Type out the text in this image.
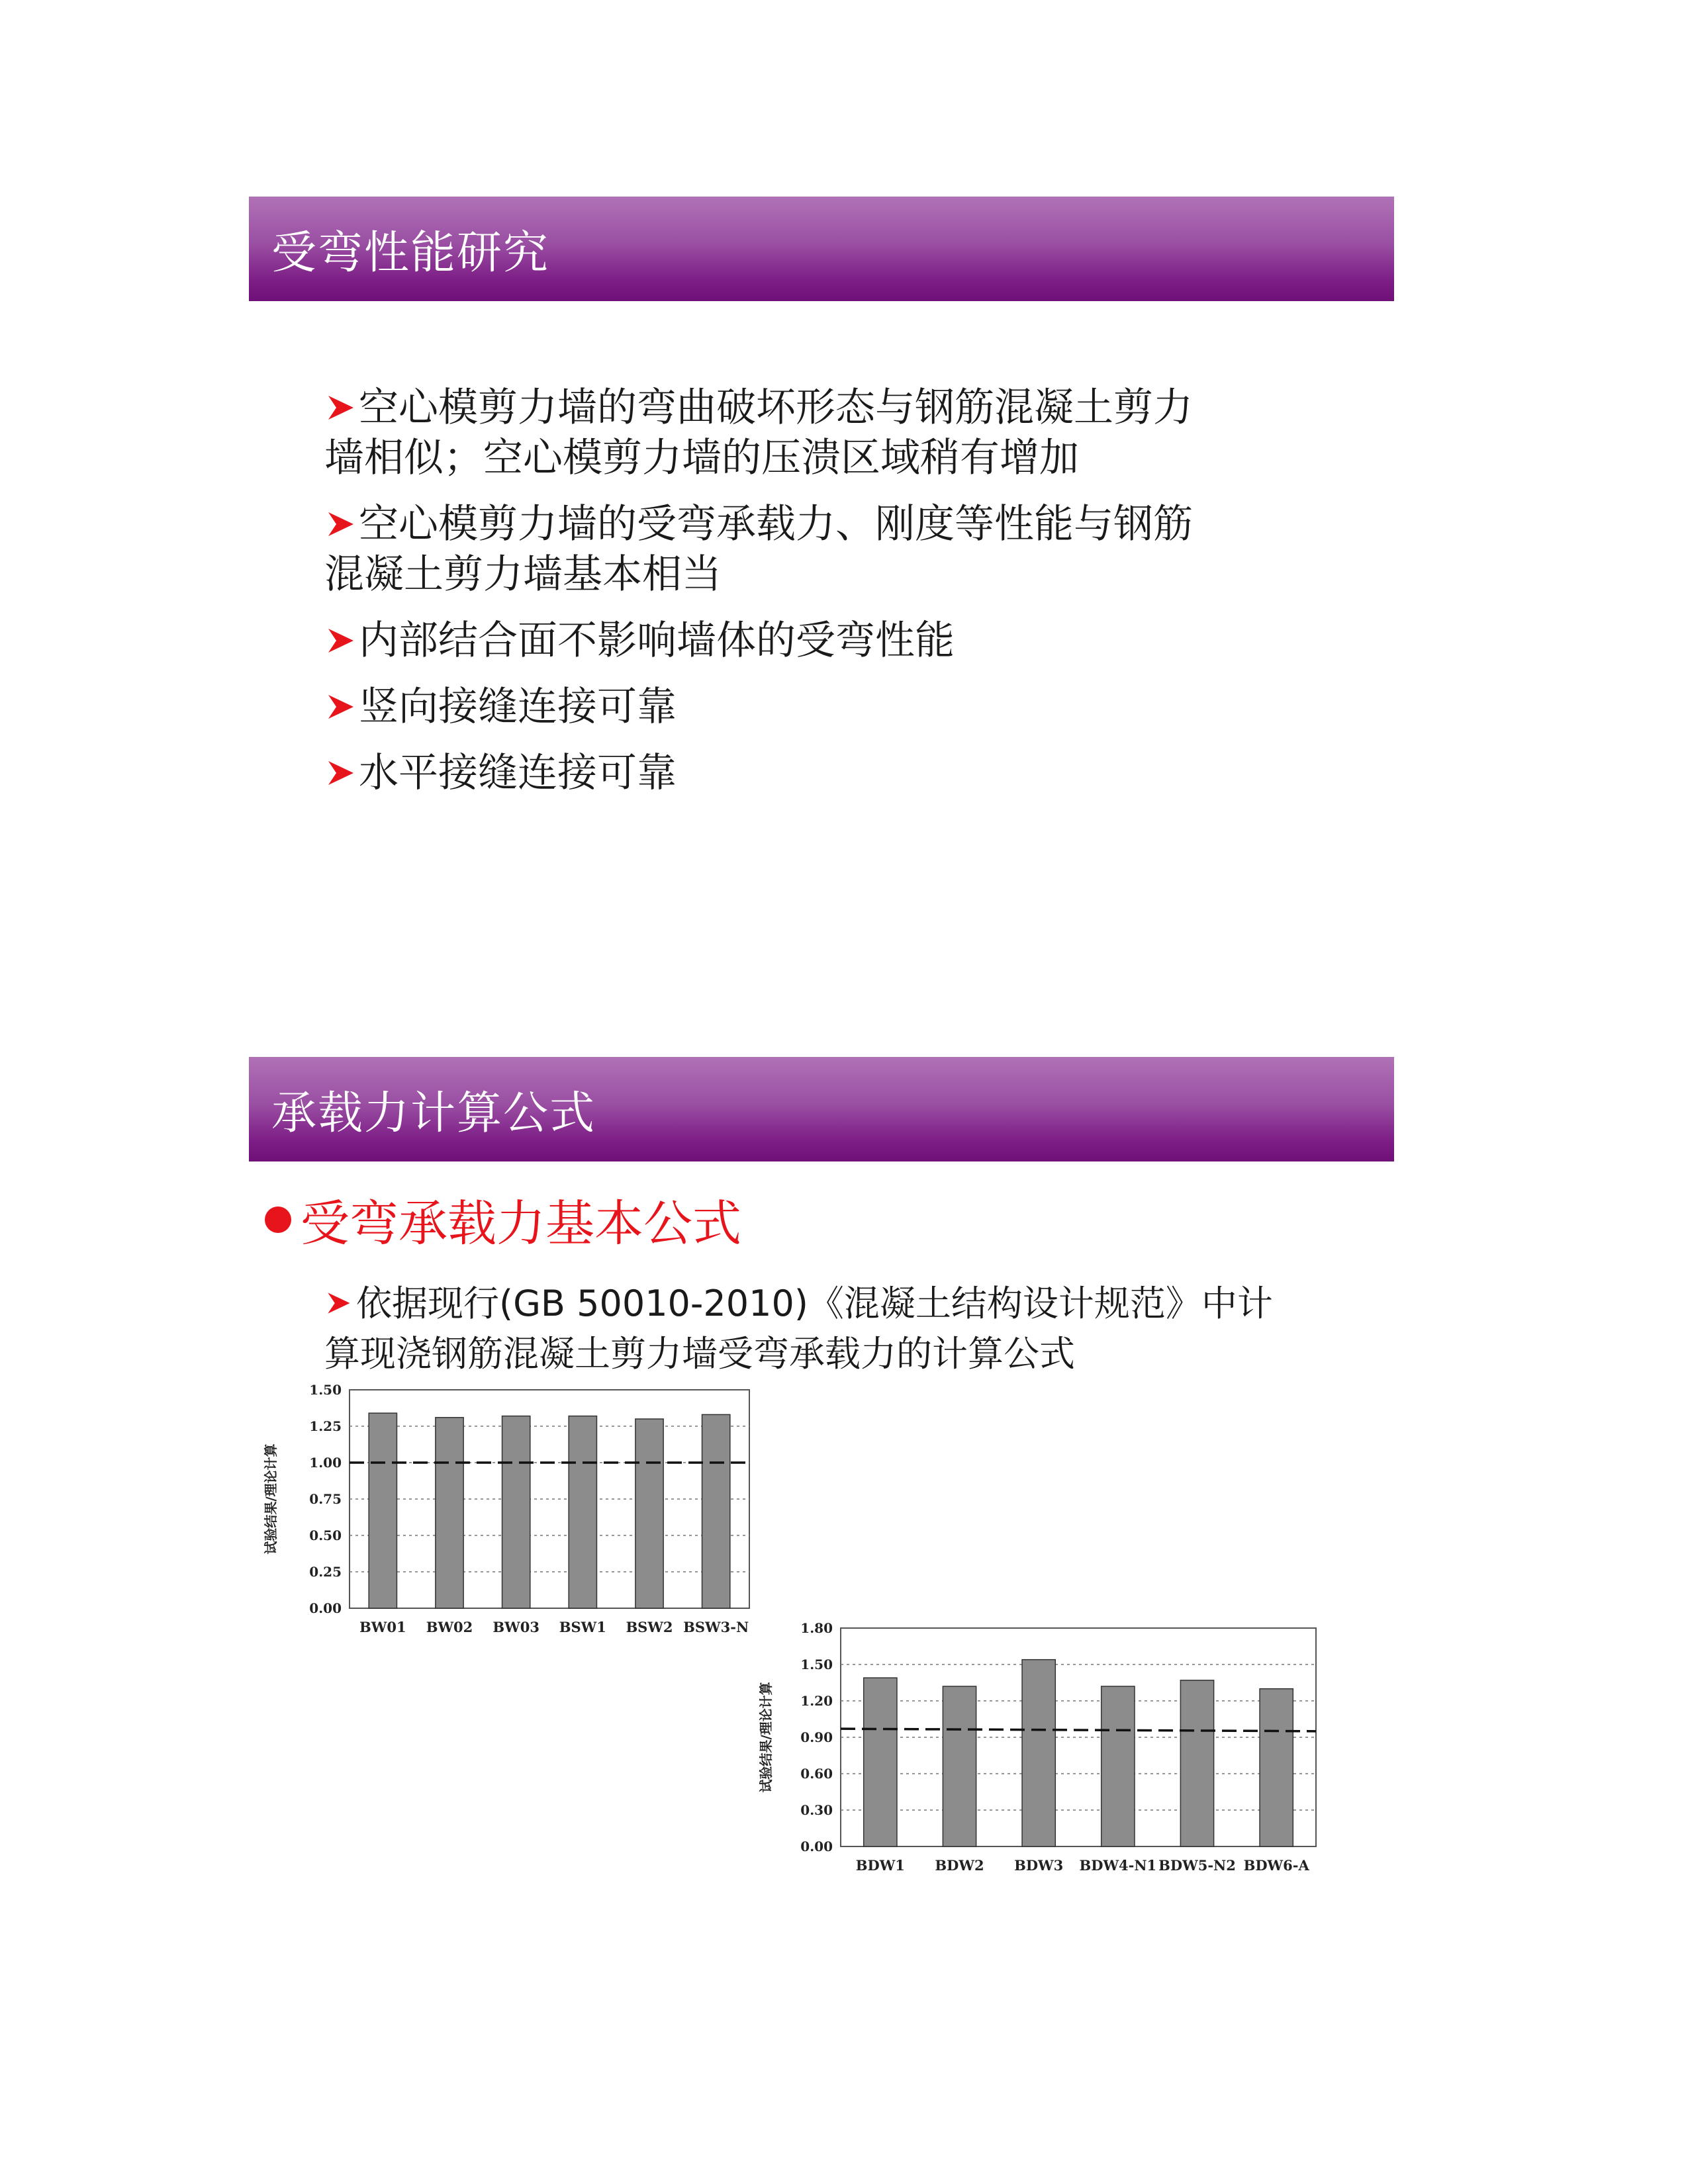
受弯性能研究
空心模剪力墙的弯曲破坏形态与钢筋混凝土剪力
墙相似；空心模剪力墙的压溃区域稍有增加
空心模剪力墙的受弯承载力、刚度等性能与钢筋
混凝土剪力墙基本相当
内部结合面不影响墙体的受弯性能
竖向接缝连接可靠
水平接缝连接可靠
承载力计算公式
受弯承载力基本公式
依据现行(GB 50010-2010)《混凝土结构设计规范》中计
算现浇钢筋混凝土剪力墙受弯承载力的计算公式
0.00
0.25
0.50
0.75
1.00
1.25
1.50
BW01 BW02 BW03 BSW1 BSW2 BSW3-N
试验结果/理论计算
0.00
0.30
0.60
0.90
1.20
1.50
1.80
BDW1 BDW2 BDW3 BDW4-N1 BDW5-N2 BDW6-A
试验结果/理论计算
